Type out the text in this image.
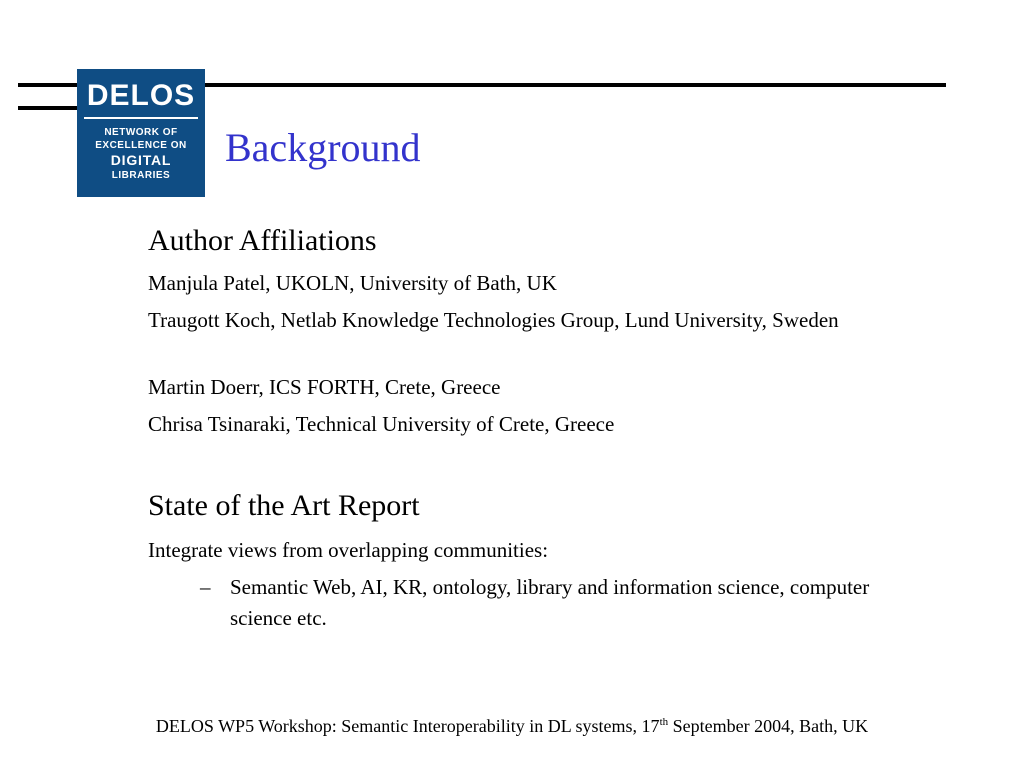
DELOS
NETWORK OF
EXCELLENCE ON
DIGITAL
LIBRARIES
Background
Author Affiliations
Manjula Patel, UKOLN, University of Bath, UK
Traugott Koch, Netlab Knowledge Technologies Group, Lund University, Sweden
Martin Doerr, ICS FORTH, Crete, Greece
Chrisa Tsinaraki, Technical University of Crete, Greece
State of the Art Report
Integrate views from overlapping communities:
– Semantic Web, AI, KR, ontology, library and information science, computer science etc.
DELOS WP5 Workshop: Semantic Interoperability in DL systems, 17th September 2004, Bath, UK
